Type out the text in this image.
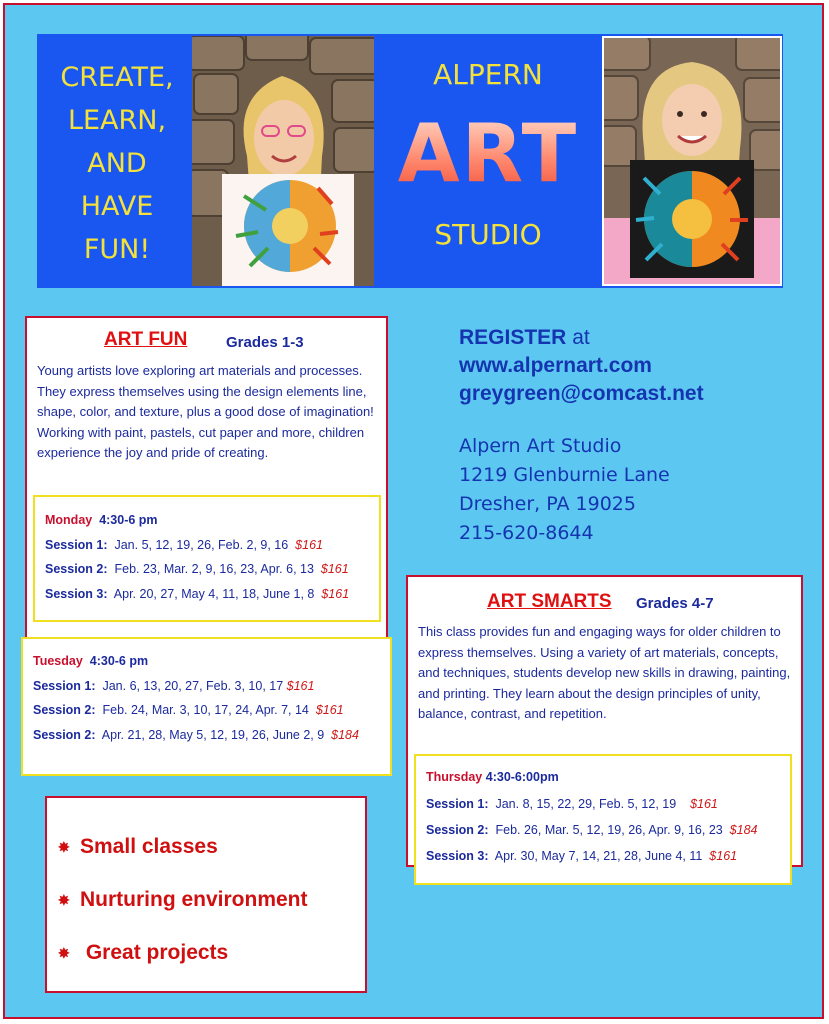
CREATE,
LEARN,
AND
HAVE
FUN!
ALPERN
ART
STUDIO
ART FUN	Grades 1-3
Young artists love exploring art materials and processes. They express themselves using the design elements line, shape, color, and texture, plus a good dose of imagination! Working with paint, pastels, cut paper and more, children experience the joy and pride of creating.
Monday 4:30-6 pm
Session 1: Jan. 5, 12, 19, 26, Feb. 2, 9, 16 $161
Session 2: Feb. 23, Mar. 2, 9, 16, 23, Apr. 6, 13 $161
Session 3: Apr. 20, 27, May 4, 11, 18, June 1, 8 $161
Tuesday 4:30-6 pm
Session 1: Jan. 6, 13, 20, 27, Feb. 3, 10, 17 $161
Session 2: Feb. 24, Mar. 3, 10, 17, 24, Apr. 7, 14 $161
Session 2: Apr. 21, 28, May 5, 12, 19, 26, June 2, 9 $184
REGISTER at
www.alpernart.com
greygreen@comcast.net
Alpern Art Studio
1219 Glenburnie Lane
Dresher, PA 19025
215-620-8644
ART SMARTS Grades 4-7
This class provides fun and engaging ways for older children to express themselves. Using a variety of art materials, concepts, and techniques, students develop new skills in drawing, painting, and printing. They learn about the design principles of unity, balance, contrast, and repetition.
Thursday 4:30-6:00pm
Session 1: Jan. 8, 15, 22, 29, Feb. 5, 12, 19 $161
Session 2: Feb. 26, Mar. 5, 12, 19, 26, Apr. 9, 16, 23 $184
Session 3: Apr. 30, May 7, 14, 21, 28, June 4, 11 $161
✸ Small classes
✸ Nurturing environment
✸ Great projects
